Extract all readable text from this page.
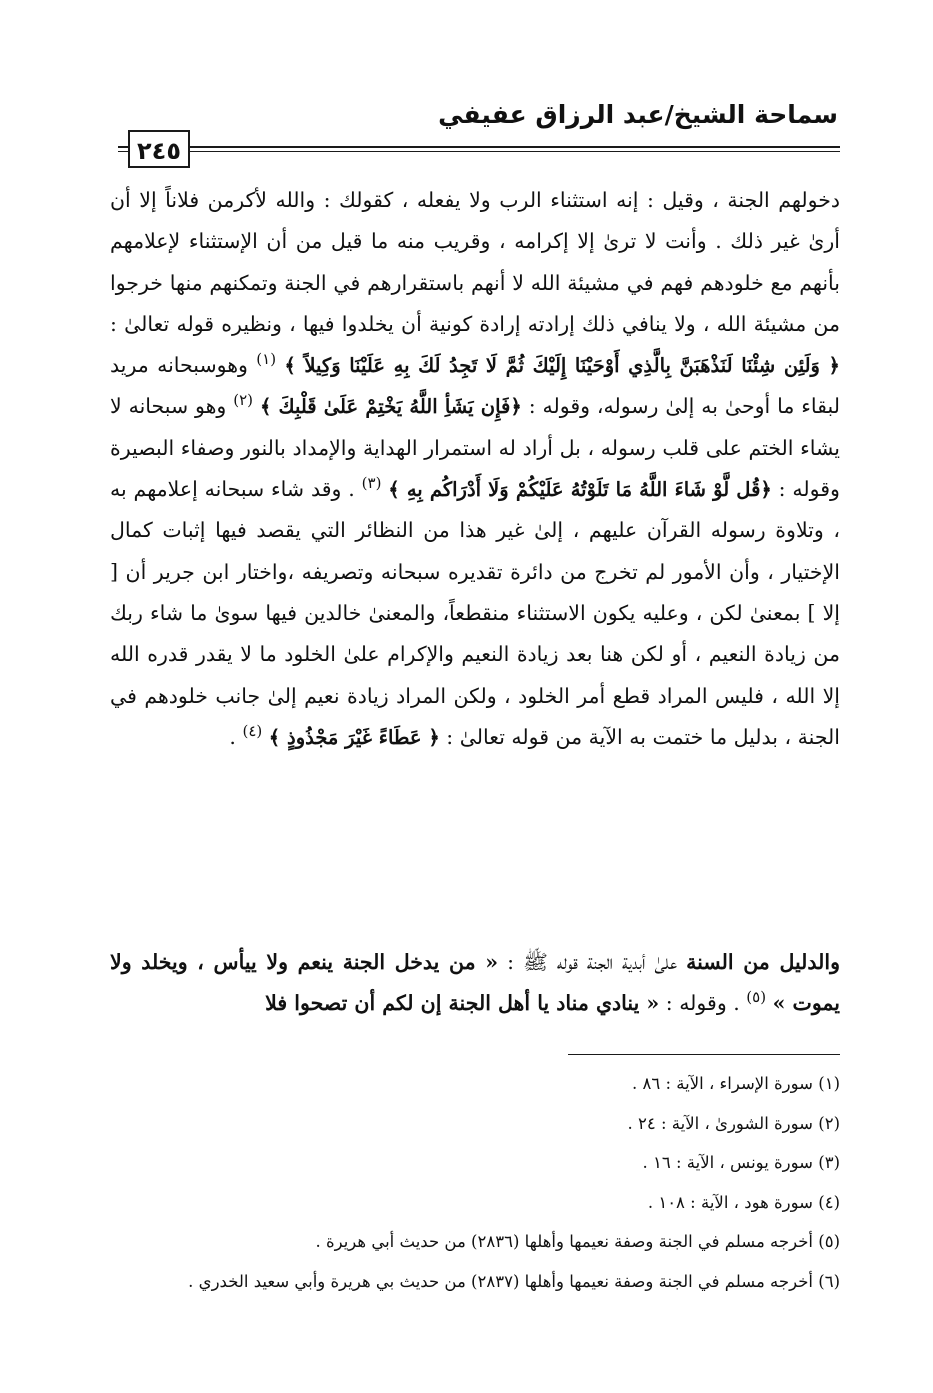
سماحة الشيخ/عبد الرزاق عفيفي
٢٤٥

دخولهم الجنة ، وقيل : إنه استثناء الرب ولا يفعله ، كقولك : والله لأكرمن فلاناً إلا أن أرىٰ غير ذلك . وأنت لا ترىٰ إلا إكرامه ، وقريب منه ما قيل من أن الإستثناء لإعلامهم بأنهم مع خلودهم فهم في مشيئة الله لا أنهم باستقرارهم في الجنة وتمكنهم منها خرجوا من مشيئة الله ، ولا ينافي ذلك إرادته إرادة كونية أن يخلدوا فيها ، ونظيره قوله تعالىٰ : ﴿ وَلَئِن شِئْنَا لَنَذْهَبَنَّ بِالَّذِي أَوْحَيْنَا إِلَيْكَ ثُمَّ لَا تَجِدُ لَكَ بِهِ عَلَيْنَا وَكِيلاً ﴾ $^{(١)}$ وهوسبحانه مريد لبقاء ما أوحىٰ به إلىٰ رسوله، وقوله : ﴿فَإِن يَشَأِ اللَّهُ يَخْتِمْ عَلَىٰ قَلْبِكَ ﴾ $^{(٢)}$ وهو سبحانه لا يشاء الختم على قلب رسوله ، بل أراد له استمرار الهداية والإمداد بالنور وصفاء البصيرة وقوله : ﴿قُل لَّوْ شَاءَ اللَّهُ مَا تَلَوْتُهُ عَلَيْكُمْ وَلَا أَدْرَاكُم بِهِ ﴾ $^{(٣)}$ . وقد شاء سبحانه إعلامهم به ، وتلاوة رسوله القرآن عليهم ، إلىٰ غير هذا من النظائر التي يقصد فيها إثبات كمال الإختيار ، وأن الأمور لم تخرج من دائرة تقديره سبحانه وتصريفه ،واختار ابن جرير أن [ إلا ] بمعنىٰ لكن ، وعليه يكون الاستثناء منقطعاً، والمعنىٰ خالدين فيها سوىٰ ما شاء ربك من زيادة النعيم ، أو لكن هنا بعد زيادة النعيم والإكرام علىٰ الخلود ما لا يقدر قدره الله إلا الله ، فليس المراد قطع أمر الخلود ، ولكن المراد زيادة نعيم إلىٰ جانب خلودهم في الجنة ، بدليل ما ختمت به الآية من قوله تعالىٰ : ﴿ عَطَاءً غَيْرَ مَجْذُوذٍ ﴾ $^{(٤)}$ .

والدليل من السنة علىٰ أبدية الجنة قوله ﷺ : « من يدخل الجنة ينعم ولا ييأس ، ويخلد ولا يموت » $^{(٥)}$ . وقوله : « ينادي مناد يا أهل الجنة إن لكم أن تصحوا فلا
(١) سورة الإسراء ، الآية : ٨٦ .
(٢) سورة الشورىٰ ، الآية : ٢٤ .
(٣) سورة يونس ، الآية : ١٦ .
(٤) سورة هود ، الآية : ١٠٨ .
(٥) أخرجه مسلم في الجنة وصفة نعيمها وأهلها (٢٨٣٦) من حديث أبي هريرة .
(٦) أخرجه مسلم في الجنة وصفة نعيمها وأهلها (٢٨٣٧) من حديث بي هريرة وأبي سعيد الخدري .
